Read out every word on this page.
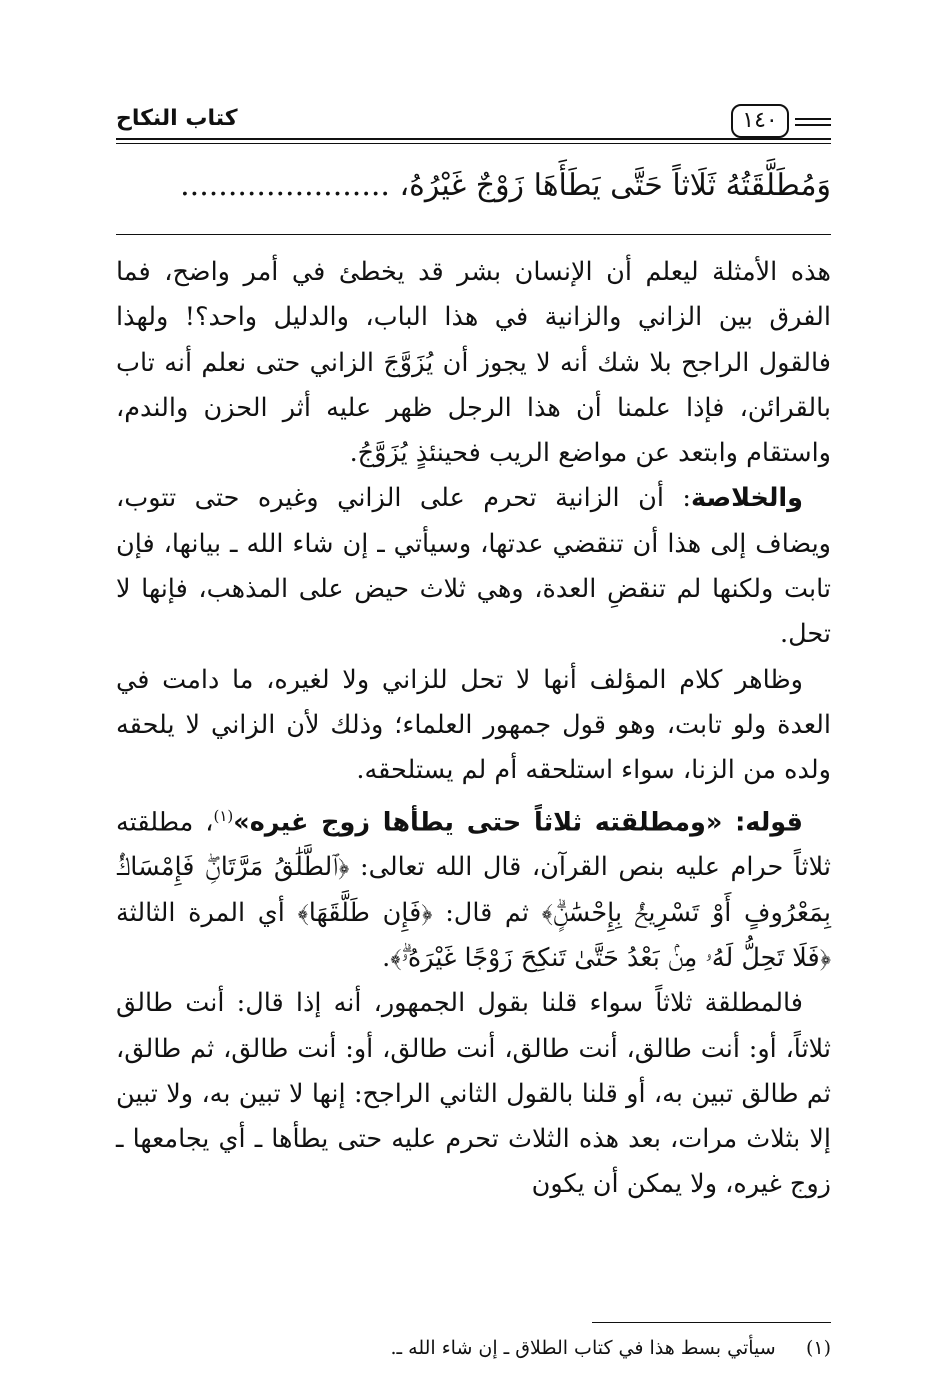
كتاب النكاح	١٤٠
وَمُطَلَّقَتُهُ ثَلَاثاً حَتَّى يَطَأَهَا زَوْجٌ غَيْرُهُ، ......................

هذه الأمثلة ليعلم أن الإنسان بشر قد يخطئ في أمر واضح، فما الفرق بين الزاني والزانية في هذا الباب، والدليل واحد؟! ولهذا فالقول الراجح بلا شك أنه لا يجوز أن يُزَوَّجَ الزاني حتى نعلم أنه تاب بالقرائن، فإذا علمنا أن هذا الرجل ظهر عليه أثر الحزن والندم، واستقام وابتعد عن مواضع الريب فحينئذٍ يُزَوَّجُ.

والخلاصة: أن الزانية تحرم على الزاني وغيره حتى تتوب، ويضاف إلى هذا أن تنقضي عدتها، وسيأتي ـ إن شاء الله ـ بيانها، فإن تابت ولكنها لم تنقضِ العدة، وهي ثلاث حيض على المذهب، فإنها لا تحل.

وظاهر كلام المؤلف أنها لا تحل للزاني ولا لغيره، ما دامت في العدة ولو تابت، وهو قول جمهور العلماء؛ وذلك لأن الزاني لا يلحقه ولده من الزنا، سواء استلحقه أم لم يستلحقه.

قوله: «ومطلقته ثلاثاً حتى يطأها زوج غيره»$^{(١)}$، مطلقته ثلاثاً حرام عليه بنص القرآن، قال الله تعالى: ﴿ٱلطَّلَٰقُ مَرَّتَانِۖ فَإِمْسَاكُۢ بِمَعْرُوفٍ أَوْ تَسْرِيحُۢ بِإِحْسَٰنٍۗ﴾ ثم قال: ﴿فَإِن طَلَّقَهَا﴾ أي المرة الثالثة ﴿فَلَا تَحِلُّ لَهُۥ مِنۢ بَعْدُ حَتَّىٰ تَنكِحَ زَوْجًا غَيْرَهُۥۗ﴾.

فالمطلقة ثلاثاً سواء قلنا بقول الجمهور، أنه إذا قال: أنت طالق ثلاثاً، أو: أنت طالق، أنت طالق، أنت طالق، أو: أنت طالق، ثم طالق، ثم طالق تبين به، أو قلنا بالقول الثاني الراجح: إنها لا تبين به، ولا تبين إلا بثلاث مرات، بعد هذه الثلاث تحرم عليه حتى يطأها ـ أي يجامعها ـ زوج غيره، ولا يمكن أن يكون

(١)     سيأتي بسط هذا في كتاب الطلاق ـ إن شاء الله ـ.
